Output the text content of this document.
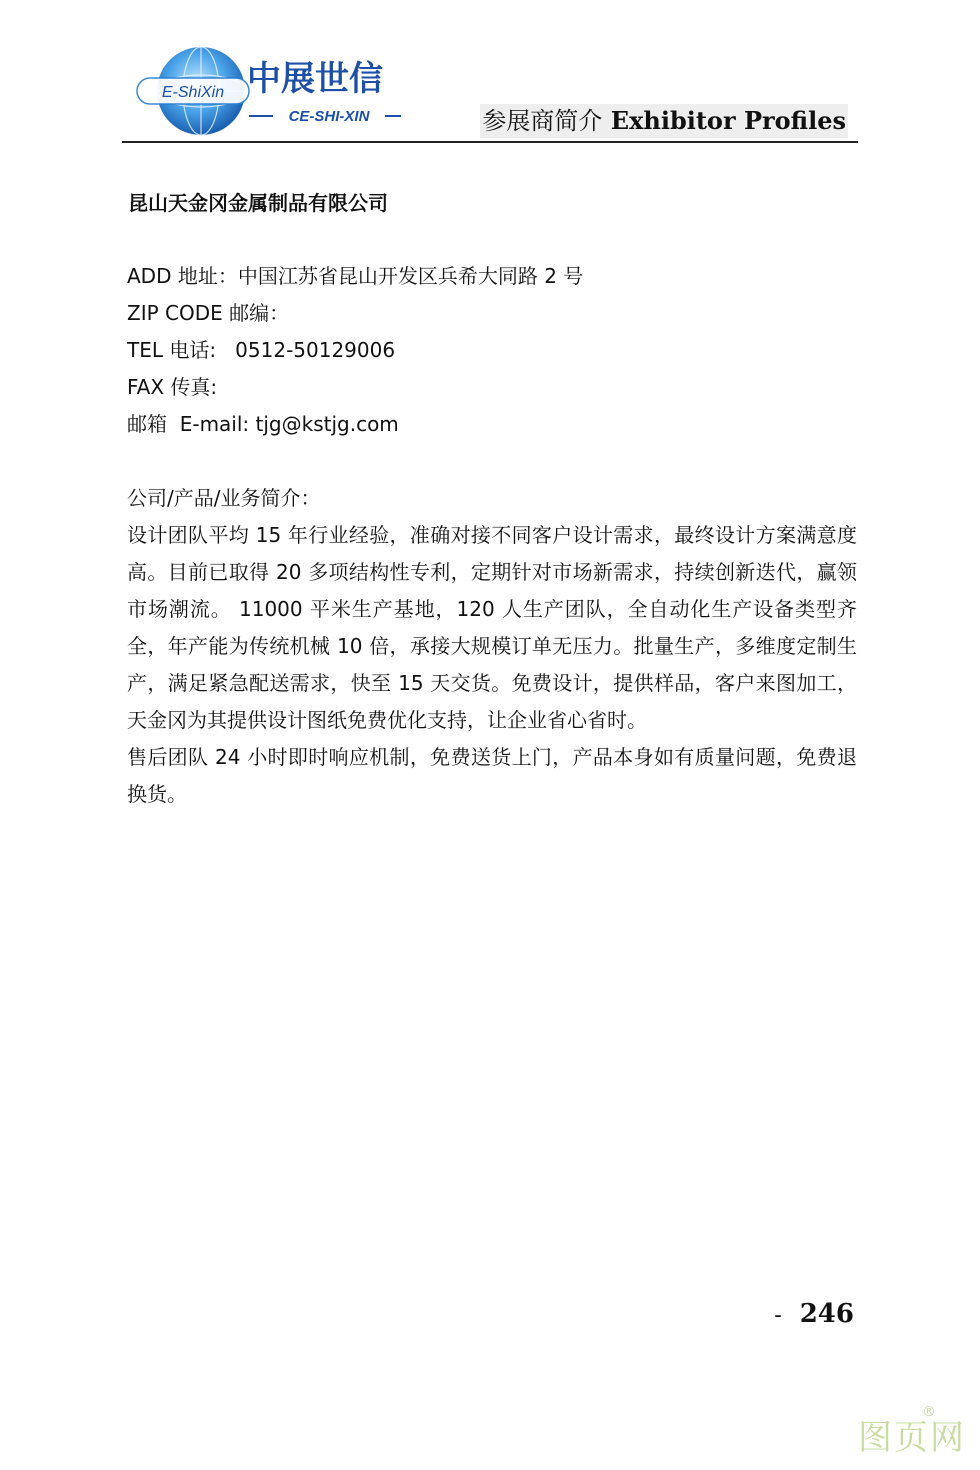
E-ShiXin 中展世信
CE-SHI-XIN	参展商简介 Exhibitor Profiles
昆山天金冈金属制品有限公司
ADD 地址：中国江苏省昆山开发区兵希大同路 2 号
ZIP CODE 邮编：
TEL 电话: 0512-50129006
FAX 传真:
邮箱  E-mail: tjg@kstjg.com
公司/产品/业务简介：

设计团队平均 15 年行业经验，准确对接不同客户设计需求，最终设计方案满意度高。目前已取得 20 多项结构性专利，定期针对市场新需求，持续创新迭代，赢领市场潮流。 11000 平米生产基地，120 人生产团队，全自动化生产设备类型齐全，年产能为传统机械 10 倍，承接大规模订单无压力。批量生产，多维度定制生产，满足紧急配送需求，快至 15 天交货。免费设计，提供样品，客户来图加工，天金冈为其提供设计图纸免费优化支持，让企业省心省时。

售后团队 24 小时即时响应机制，免费送货上门，产品本身如有质量问题，免费退换货。

- 246
图页网
®
